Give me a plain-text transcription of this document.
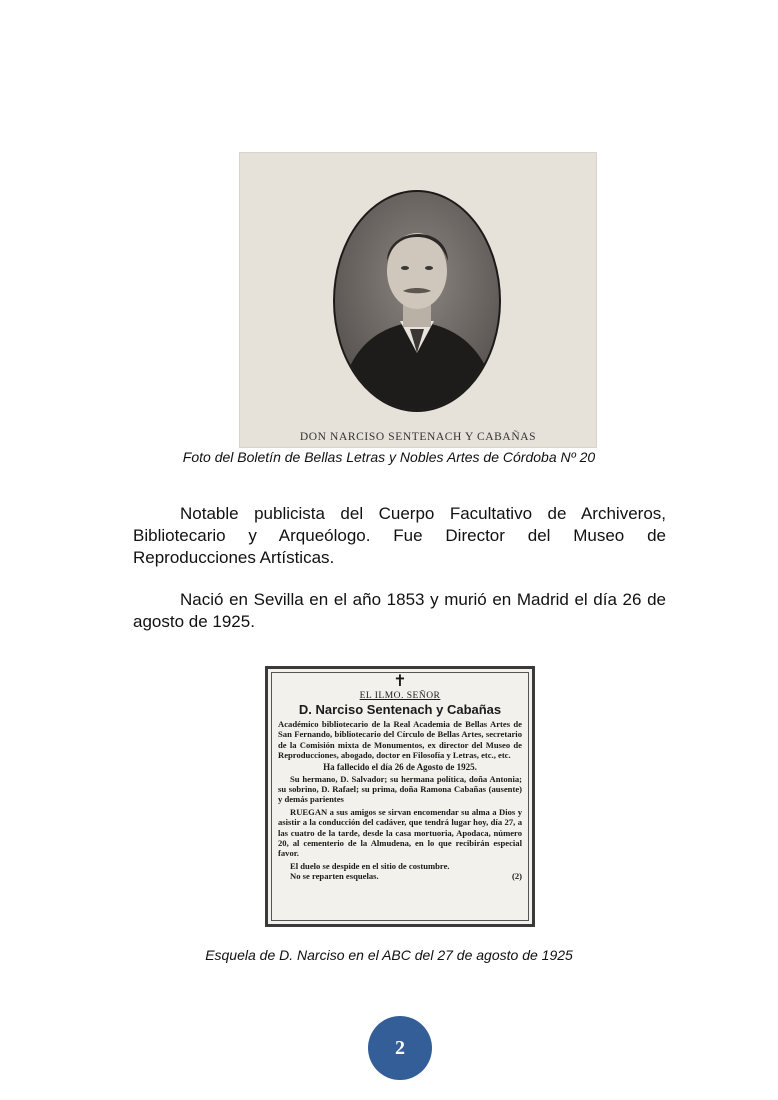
DON NARCISO SENTENACH Y CABAÑAS
Foto del Boletín de Bellas Letras y Nobles Artes de Córdoba Nº 20

Notable publicista del Cuerpo Facultativo de Archiveros, Bibliotecario y Arqueólogo. Fue Director del Museo de Reproducciones Artísticas.

Nació en Sevilla en el año 1853 y murió en Madrid el día 26 de agosto de 1925.

✝
EL ILMO. SEÑOR
D. Narciso Sentenach y Cabañas
Académico bibliotecario de la Real Academia de Bellas Artes de San Fernando, bibliotecario del Círculo de Bellas Artes, secretario de la Comisión mixta de Monumentos, ex director del Museo de Reproducciones, abogado, doctor en Filosofía y Letras, etc., etc.
Ha fallecido el día 26 de Agosto de 1925.
Su hermano, D. Salvador; su hermana política, doña Antonia; su sobrino, D. Rafael; su prima, doña Ramona Cabañas (ausente) y demás parientes
RUEGAN a sus amigos se sirvan encomendar su alma a Dios y asistir a la conducción del cadáver, que tendrá lugar hoy, día 27, a las cuatro de la tarde, desde la casa mortuoria, Apodaca, número 20, al cementerio de la Almudena, en lo que recibirán especial favor.
El duelo se despide en el sitio de costumbre.
No se reparten esquelas.	(2)
Esquela de D. Narciso en el ABC del 27 de agosto de 1925
2
